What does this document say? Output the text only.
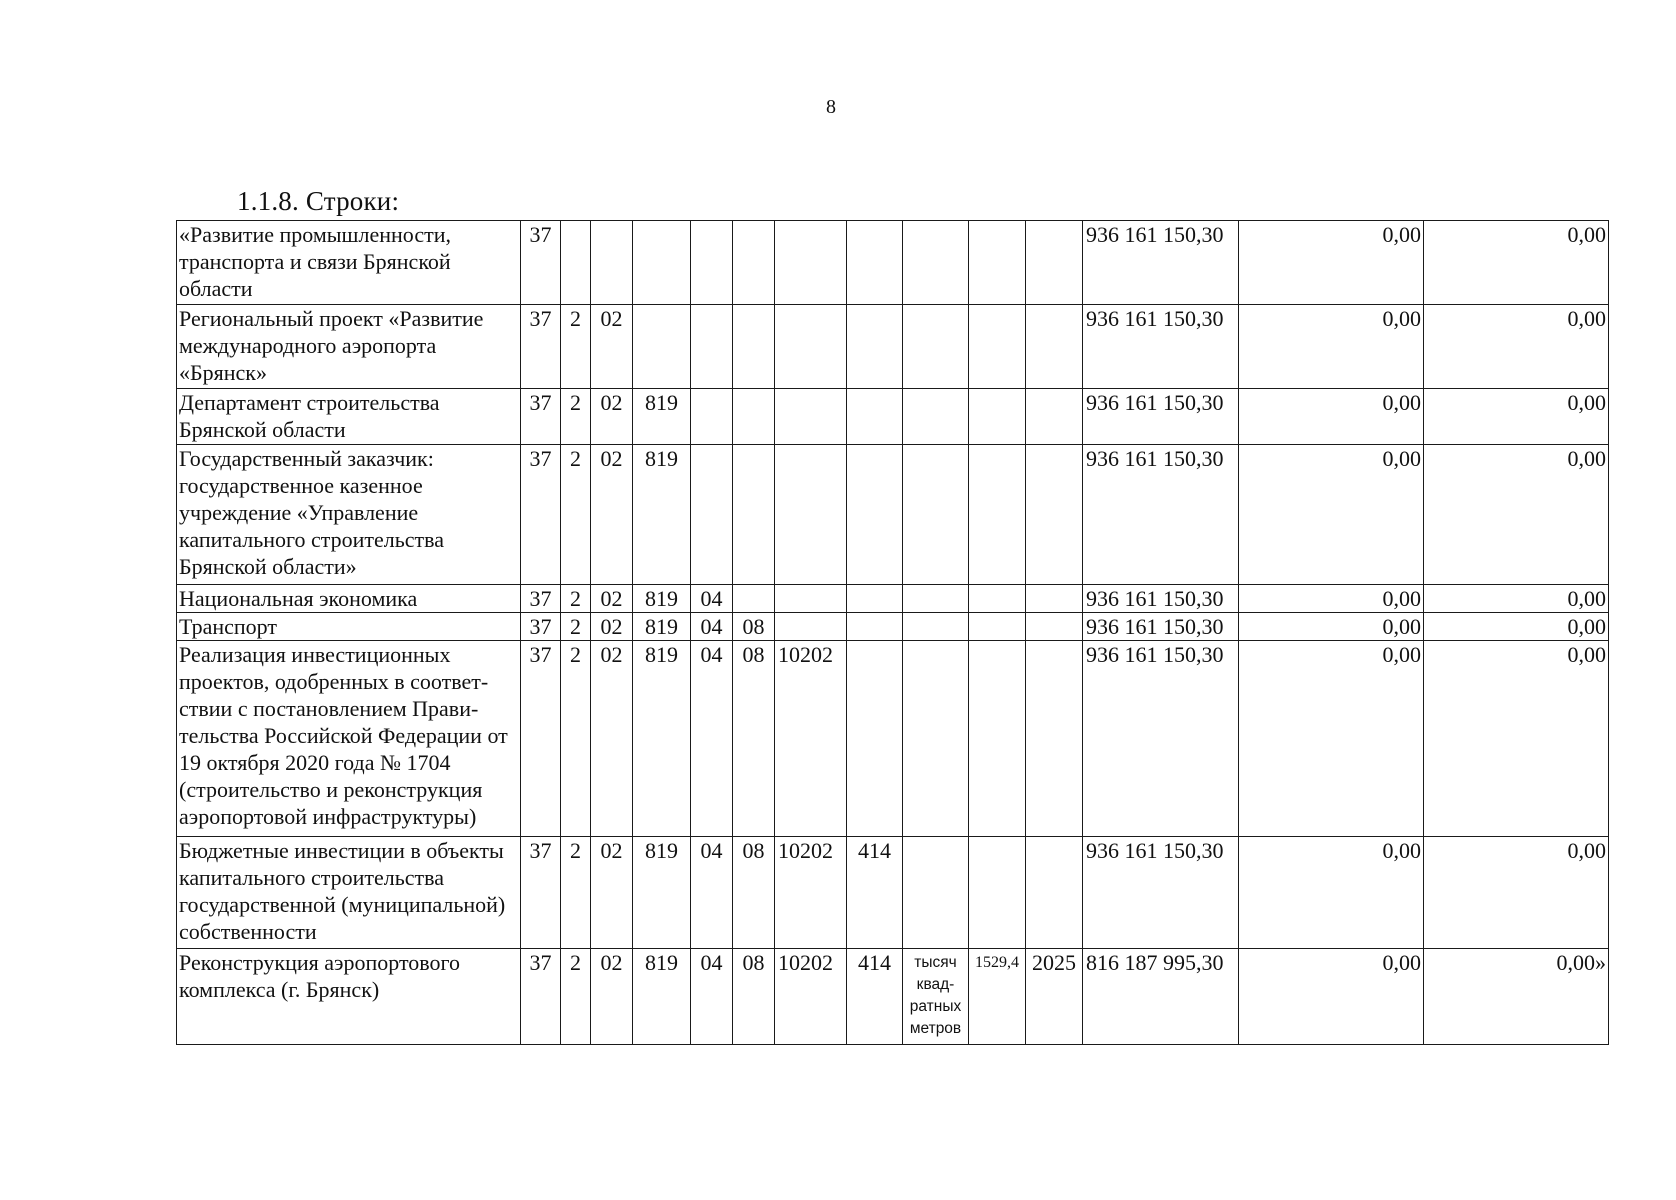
8
1.1.8. Строки:
«Развитие промышленности, транспорта и связи Брянской области	37											936 161 150,30	0,00	0,00
Региональный проект «Развитие международного аэропорта «Брянск»	37	2	02									936 161 150,30	0,00	0,00
Департамент строительства Брянской области	37	2	02	819								936 161 150,30	0,00	0,00
Государственный заказчик: государственное казенное учреждение «Управление капитального строительства Брянской области»	37	2	02	819								936 161 150,30	0,00	0,00
Национальная экономика	37	2	02	819	04							936 161 150,30	0,00	0,00
Транспорт	37	2	02	819	04	08						936 161 150,30	0,00	0,00
Реализация инвестиционных проектов, одобренных в соответ-ствии с постановлением Прави-тельства Российской Федерации от 19 октября 2020 года № 1704 (строительство и реконструкция аэропортовой инфраструктуры)	37	2	02	819	04	08	10202					936 161 150,30	0,00	0,00
Бюджетные инвестиции в объекты капитального строительства государственной (муниципальной) собственности	37	2	02	819	04	08	10202	414				936 161 150,30	0,00	0,00
Реконструкция аэропортового комплекса (г. Брянск)	37	2	02	819	04	08	10202	414	тысяч квад-ратных метров	1529,4	2025	816 187 995,30	0,00	0,00»
